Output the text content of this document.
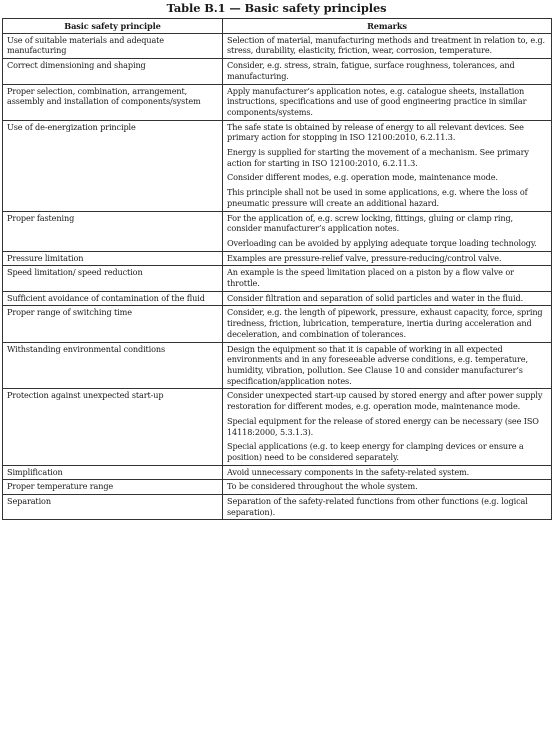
Table B.1 — Basic safety principles
Basic safety principle	Remarks
Use of suitable materials and adequate manufacturing	Selection of material, manufacturing methods and treatment in relation to, e.g. stress, durability, elasticity, friction, wear, corrosion, temperature.

Correct dimensioning and shaping	Consider, e.g. stress, strain, fatigue, surface roughness, tolerances, and manufacturing.

Proper selection, combination, arrangement, assembly and installation of components/system	Apply manufacturer’s application notes, e.g. catalogue sheets, installation instructions, specifications and use of good engineering practice in similar components/systems.

Use of de-energization principle	The safe state is obtained by release of energy to all relevant devices. See primary action for stopping in ISO 12100:2010, 6.2.11.3.

Energy is supplied for starting the movement of a mechanism. See primary action for starting in ISO 12100:2010, 6.2.11.3.

Consider different modes, e.g. operation mode, maintenance mode.

This principle shall not be used in some applications, e.g. where the loss of pneumatic pressure will create an additional hazard.

Proper fastening	For the application of, e.g. screw locking, fittings, gluing or clamp ring, consider manufacturer’s application notes.

Overloading can be avoided by applying adequate torque loading technology.

Pressure limitation	Examples are pressure-relief valve, pressure-reducing/control valve.

Speed limitation/ speed reduction	An example is the speed limitation placed on a piston by a flow valve or throttle.

Sufficient avoidance of contamination of the fluid	Consider filtration and separation of solid particles and water in the fluid.

Proper range of switching time	Consider, e.g. the length of pipework, pressure, exhaust capacity, force, spring tiredness, friction, lubrication, temperature, inertia during acceleration and deceleration, and combination of tolerances.

Withstanding environmental conditions	Design the equipment so that it is capable of working in all expected environments and in any foreseeable adverse conditions, e.g. temperature, humidity, vibration, pollution. See Clause 10 and consider manufacturer’s specification/application notes.

Protection against unexpected start-up	Consider unexpected start-up caused by stored energy and after power supply restoration for different modes, e.g. operation mode, maintenance mode.

Special equipment for the release of stored energy can be necessary (see ISO 14118:2000, 5.3.1.3).

Special applications (e.g. to keep energy for clamping devices or ensure a position) need to be considered separately.

Simplification	Avoid unnecessary components in the safety-related system.

Proper temperature range	To be considered throughout the whole system.

Separation	Separation of the safety-related functions from other functions (e.g. logical separation).
